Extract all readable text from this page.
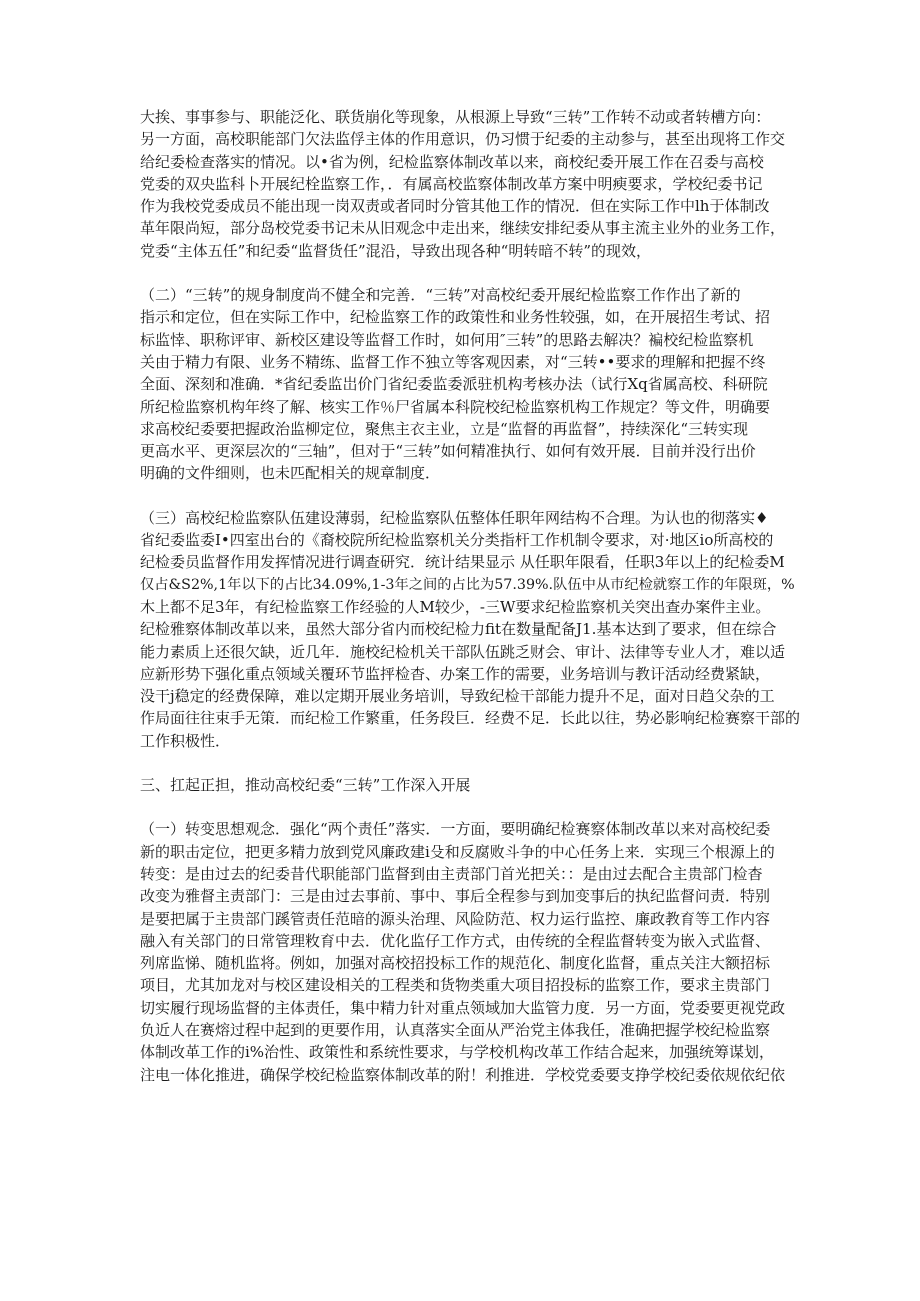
大挨、事事参与、职能泛化、联货崩化等现象，从根源上导致“三转”工作转不动或者转槽方向：
另一方面，高校职能部门欠法监俘主体的作用意识，仍习惯于纪委的主动参与，甚至出现将工作交
给纪委检查落实的情况。以•省为例，纪检监察体制改革以来，商校纪委开展工作在召委与高校
党委的双央监科卜开展纪栓监察工作，．有属高校监察体制改革方案中明瘐要求，学校纪委书记
作为我校党委成员不能出现一岗双责或者同时分管其他工作的情况．但在实际工作中lh于体制改
革年限尚短，部分岛校党委书记未从旧观念中走出来，继续安排纪委从事主流主业外的业务工作，
党委“主体五任”和纪委“监督货任”混沿，导致出现各种“明转暗不转”的现效，
（二）“三转”的规身制度尚不健全和完善．“三转”对高校纪委开展纪检监察工作作出了新的
指示和定位，但在实际工作中，纪检监察工作的政策性和业务性较强，如，在开展招生考试、招
标监悻、职称评审、新校区建设等监督工作时，如何用″三转”的思路去解决？褊校纪检监察机
关由于精力有限、业务不精练、监督工作不独立等客观因素，对“三转••要求的理解和把握不终
全面、深刻和准确．*省纪委监岀价门省纪委监委派驻机构考核办法（试行Xq省属高校、科研院
所纪检监察机构年终了解、核实工作％尸省属本科院校纪检监察机构工作规定？等文件，明确要
求高校纪委要把握政治监柳定位，聚焦主衣主业，立是“监督的再监督”，持续深化“三转实现
更高水平、更深层次的“三轴”，但对于“三转”如何精准执行、如何有效开展．目前并没行出价
明确的文件细则，也未匹配相关的规章制度．
（三）高校纪检监察队伍建设薄弱，纪检监察队伍整体任职年网结构不合理。为认也的彻落实♦
省纪委监委I•四室出台的《裔校院所纪检监察机关分类指杆工作机制令要求，对·地区io所高校的
纪检委员监督作用发挥情况进行调查研究．统计结果显示 从任职年限看，任职3年以上的纪检委M
仅占&S2%,1年以下的占比34.09%,1-3年之间的占比为57.39%.队伍中从巿纪检就察工作的年限斑，%
木上都不足3年，有纪检监察工作经验的人M较少，-三W要求纪检监察机关突出查办案件主业。
纪检雅察体制改革以来，虽然大部分省内而校纪检力fit在数量配备J1.基本达到了要求，但在综合
能力素质上还很欠缺，近几年．施校纪检机关干部队伍跳乏财会、审计、法律等专业人才，难以适
应新形势下强化重点领域关覆环节监抨检杳、办案工作的需要，业务培训与教讦活动经费紧缺，
没干j稳定的经费保障，难以定期开展业务培训，导致纪检干部能力提升不足，面对日趋父杂的工
作局面往往束手无策．而纪检工作繁重，任务段巨．经费不足．长此以往，势必影响纪检赛察干部的
工作积极性．
三、扛起正担，推动高校纪委“三转”工作深入开展
（一）转变思想观念．强化“两个责任”落实．一方面，要明确纪检赛察体制改革以来对高校纪委
新的职击定位，把更多精力放到党风廉政建i殳和反腐败斗争的中心任务上来．实现三个根源上的
转变：是由过去的纪委昔代职能部门监督到由主责部门首光把关：：是由过去配合主贵部门检杳
改变为雅督主责部门：三是由过去事前、事中、事后全程参与到加变事后的执纪监督问责．特别
是要把属于主贵部门蹊管责任范暗的源头治理、风险防范、权力运行监控、廉政教育等工作内容
融入有关部门的日常管理敉育中去．优化监仔工作方式，由传统的全程监督转变为嵌入式监督、
列席监悌、随机监将。例如，加强对高校招投标工作的规范化、制度化监督，重点关注大额招标
项目，尤其加龙对与校区建设相关的工程类和货物类重大项目招投标的监察工作，要求主贵部门
切实履行现场监督的主体责任，集中精力针对重点领域加大监管力度．另一方面，党委要更视党政
负近人在赛熔过程中起到的更要作用，认真落实全面从严治党主体我任，准确把握学校纪检监察
体制改革工作的i%治性、政策性和系统性要求，与学校机构改革工作结合起来，加强统筹谋划，
注电一体化推进，确保学校纪检监察体制改革的附！利推进．学校党委要支挣学校纪委依规依纪依
